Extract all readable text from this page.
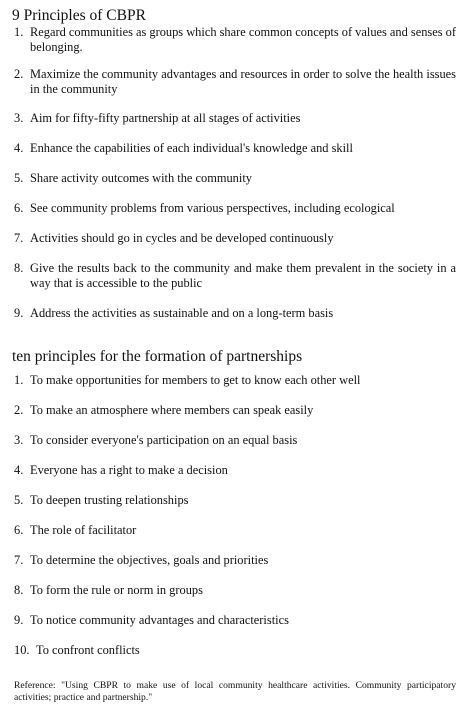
9 Principles of CBPR
1. Regard communities as groups which share common concepts of values and senses of belonging.
2. Maximize the community advantages and resources in order to solve the health issues in the community
3. Aim for fifty-fifty partnership at all stages of activities
4. Enhance the capabilities of each individual's knowledge and skill
5. Share activity outcomes with the community
6. See community problems from various perspectives, including ecological
7. Activities should go in cycles and be developed continuously
8. Give the results back to the community and make them prevalent in the society in a way that is accessible to the public
9. Address the activities as sustainable and on a long-term basis
ten principles for the formation of partnerships
1. To make opportunities for members to get to know each other well
2. To make an atmosphere where members can speak easily
3. To consider everyone's participation on an equal basis
4. Everyone has a right to make a decision
5. To deepen trusting relationships
6. The role of facilitator
7. To determine the objectives, goals and priorities
8. To form the rule or norm in groups
9. To notice community advantages and characteristics
10. To confront conflicts
Reference: "Using CBPR to make use of local community healthcare activities. Community participatory activities; practice and partnership."
